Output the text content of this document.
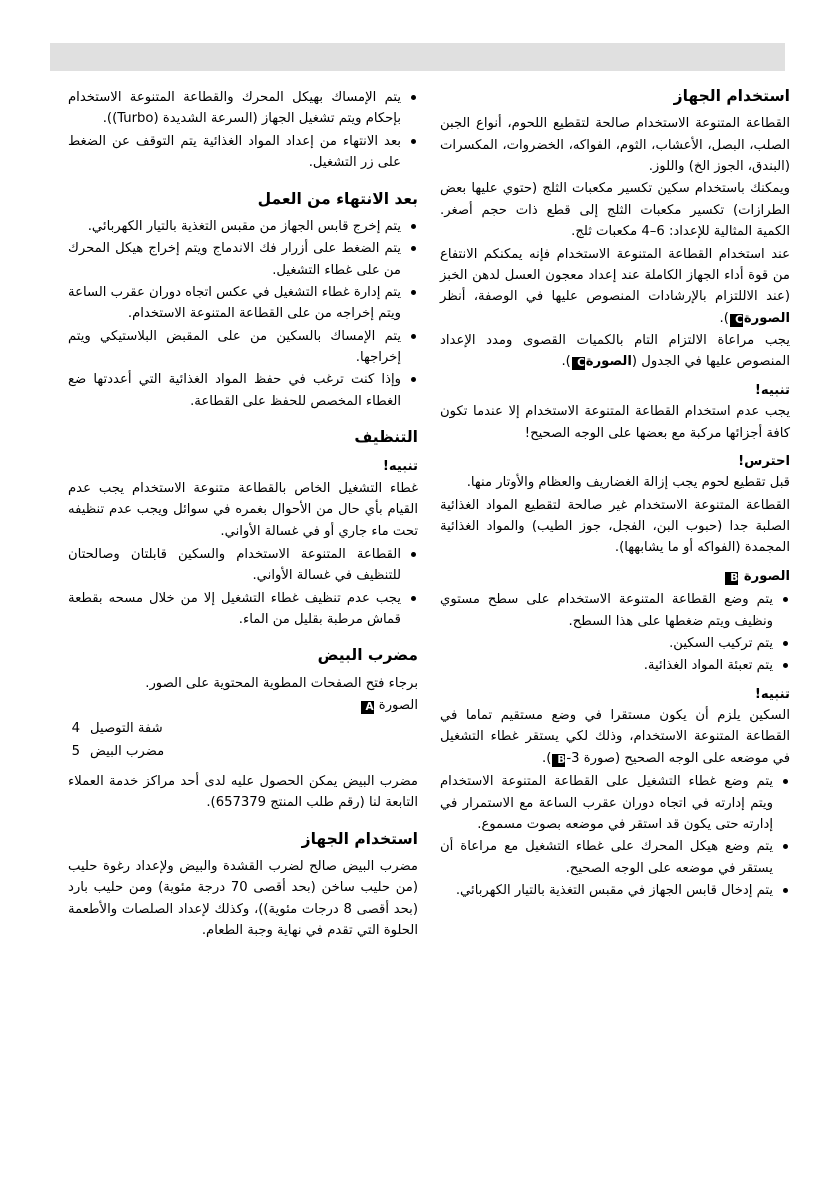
استخدام الجهاز

القطاعة المتنوعة الاستخدام صالحة لتقطيع اللحوم، أنواع الجبن الصلب، البصل، الأعشاب، الثوم، الفواكه، الخضروات، المكسرات (البندق، الجوز الخ) واللوز.

ويمكنك باستخدام سكين تكسير مكعبات الثلج (حتوي عليها بعض الطرازات) تكسير مكعبات الثلج إلى قطع ذات حجم أصغر. الكمية المثالية للإعداد: 6–4 مكعبات ثلج.

عند استخدام القطاعة المتنوعة الاستخدام فإنه يمكنكم الانتفاع من قوة أداء الجهاز الكاملة عند إعداد معجون العسل لدهن الخبز (عند الاللتزام بالإرشادات المنصوص عليها في الوصفة، أنظر الصورةC).

يجب مراعاة الالتزام التام بالكميات القصوى ومدد الإعداد المنصوص عليها في الجدول (الصورةC).

تنبيه!

يجب عدم استخدام القطاعة المتنوعة الاستخدام إلا عندما تكون كافة أجزائها مركبة مع بعضها على الوجه الصحيح!

احترس!

قبل تقطيع لحوم يجب إزالة الغضاريف والعظام والأوتار منها.

القطاعة المتنوعة الاستخدام غير صالحة لتقطيع المواد الغذائية الصلبة جدا (حبوب البن، الفجل، جوز الطيب) والمواد الغذائية المجمدة (الفواكه أو ما يشابهها).

الصورة B
يتم وضع القطاعة المتنوعة الاستخدام على سطح مستوي ونظيف ويتم ضغطها على هذا السطح.
يتم تركيب السكين.
يتم تعبئة المواد الغذائية.
تنبيه!

السكين يلزم أن يكون مستقرا في وضع مستقيم تماما في القطاعة المتنوعة الاستخدام، وذلك لكي يستقر غطاء التشغيل في موضعه على الوجه الصحيح (صورة 3-B).

يتم وضع غطاء التشغيل على القطاعة المتنوعة الاستخدام ويتم إدارته في اتجاه دوران عقرب الساعة مع الاستمرار في إدارته حتى يكون قد استقر في موضعه بصوت مسموع.
يتم وضع هيكل المحرك على غطاء التشغيل مع مراعاة أن يستقر في موضعه على الوجه الصحيح.
يتم إدخال قابس الجهاز في مقبس التغذية بالتيار الكهربائي.
يتم الإمساك بهيكل المحرك والقطاعة المتنوعة الاستخدام بإحكام ويتم تشغيل الجهاز (السرعة الشديدة (Turbo)).
بعد الانتهاء من إعداد المواد الغذائية يتم التوقف عن الضغط على زر التشغيل.
بعد الانتهاء من العمل
يتم إخرج قابس الجهاز من مقبس التغذية بالتيار الكهربائي.
يتم الضغط على أزرار فك الاندماج ويتم إخراج هيكل المحرك من على غطاء التشغيل.
يتم إدارة غطاء التشغيل في عكس اتجاه دوران عقرب الساعة ويتم إخراجه من على القطاعة المتنوعة الاستخدام.
يتم الإمساك بالسكين من على المقبض البلاستيكي ويتم إخراجها.
وإذا كنت ترغب في حفظ المواد الغذائية التي أعددتها ضع الغطاء المخصص للحفظ على القطاعة.
التنظيف
تنبيه!

غطاء التشغيل الخاص بالقطاعة متنوعة الاستخدام يجب عدم القيام بأي حال من الأحوال بغمره في سوائل ويجب عدم تنظيفه تحت ماء جاري أو في غسالة الأواني.

القطاعة المتنوعة الاستخدام والسكين قابلتان وصالحتان للتنظيف في غسالة الأواني.
يجب عدم تنظيف غطاء التشغيل إلا من خلال مسحه بقطعة قماش مرطبة بقليل من الماء.
مضرب البيض

برجاء فتح الصفحات المطوية المحتوية على الصور.

الصورة A

4 شفة التوصيل
5 مضرب البيض

مضرب البيض يمكن الحصول عليه لدى أحد مراكز خدمة العملاء التابعة لنا (رقم طلب المنتج 657379).

استخدام الجهاز

مضرب البيض صالح لضرب القشدة والبيض ولإعداد رغوة حليب (من حليب ساخن (بحد أقصى 70 درجة مئوية) ومن حليب بارد (بحد أقصى 8 درجات مئوية))، وكذلك لإعداد الصلصات والأطعمة الحلوة التي تقدم في نهاية وجبة الطعام.
